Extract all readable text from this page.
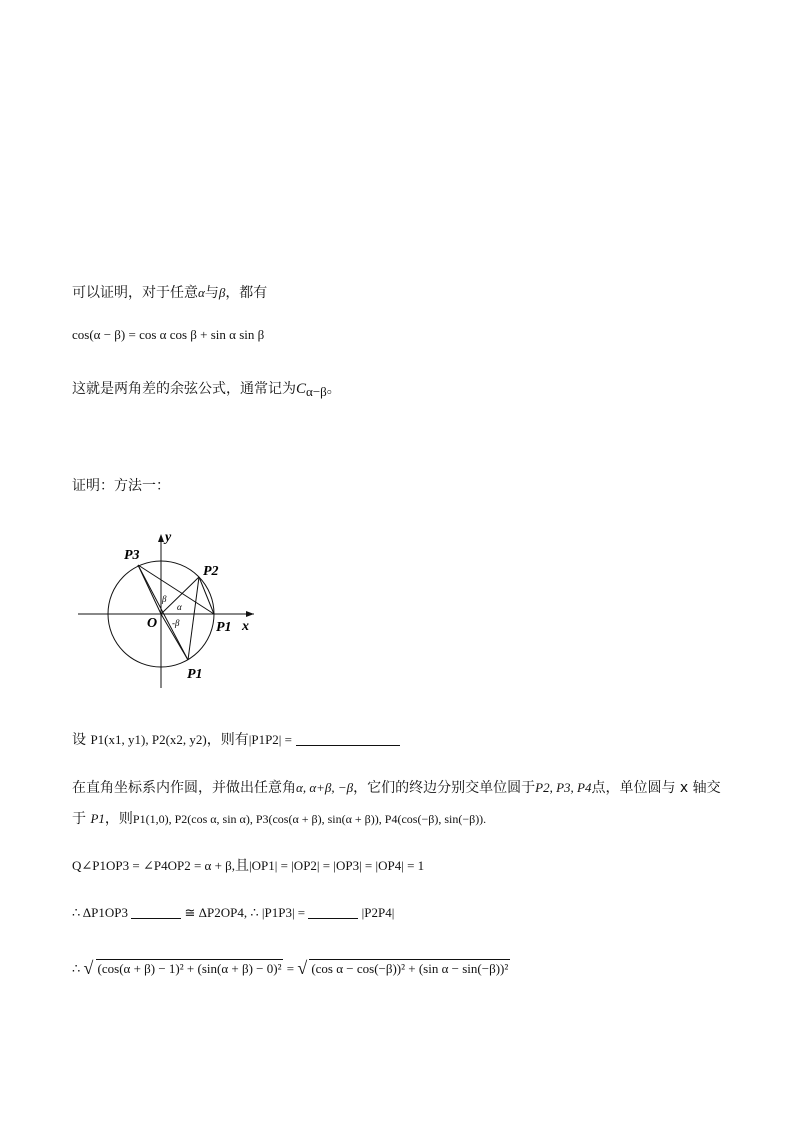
可以证明，对于任意α与β，都有
cos(α − β) = cos α cos β + sin α sin β
这就是两角差的余弦公式，通常记为$C_{\alpha-\beta}$。
证明：方法一：
y
x
O	P1
P1
P2
P3
α
β
-β
设 P1(x1, y1), P2(x2, y2)，则有|P1P2| =
在直角坐标系内作圆，并做出任意角α, α+β, −β，它们的终边分别交单位圆于P2, P3, P4点，单位圆与 x 轴交
于 P1，则P1(1,0), P2(cos α, sin α), P3(cos(α + β), sin(α + β)), P4(cos(−β), sin(−β)).
Q∠P1OP3 = ∠P4OP2 = α + β,且|OP1| = |OP2| = |OP3| = |OP4| = 1
∴ ΔP1OP3	≅ ΔP2OP4, ∴ |P1P3| =	|P2P4|
∴ √ (cos(α + β) − 1)² + (sin(α + β) − 0)² = √ (cos α − cos(−β))² + (sin α − sin(−β))²
